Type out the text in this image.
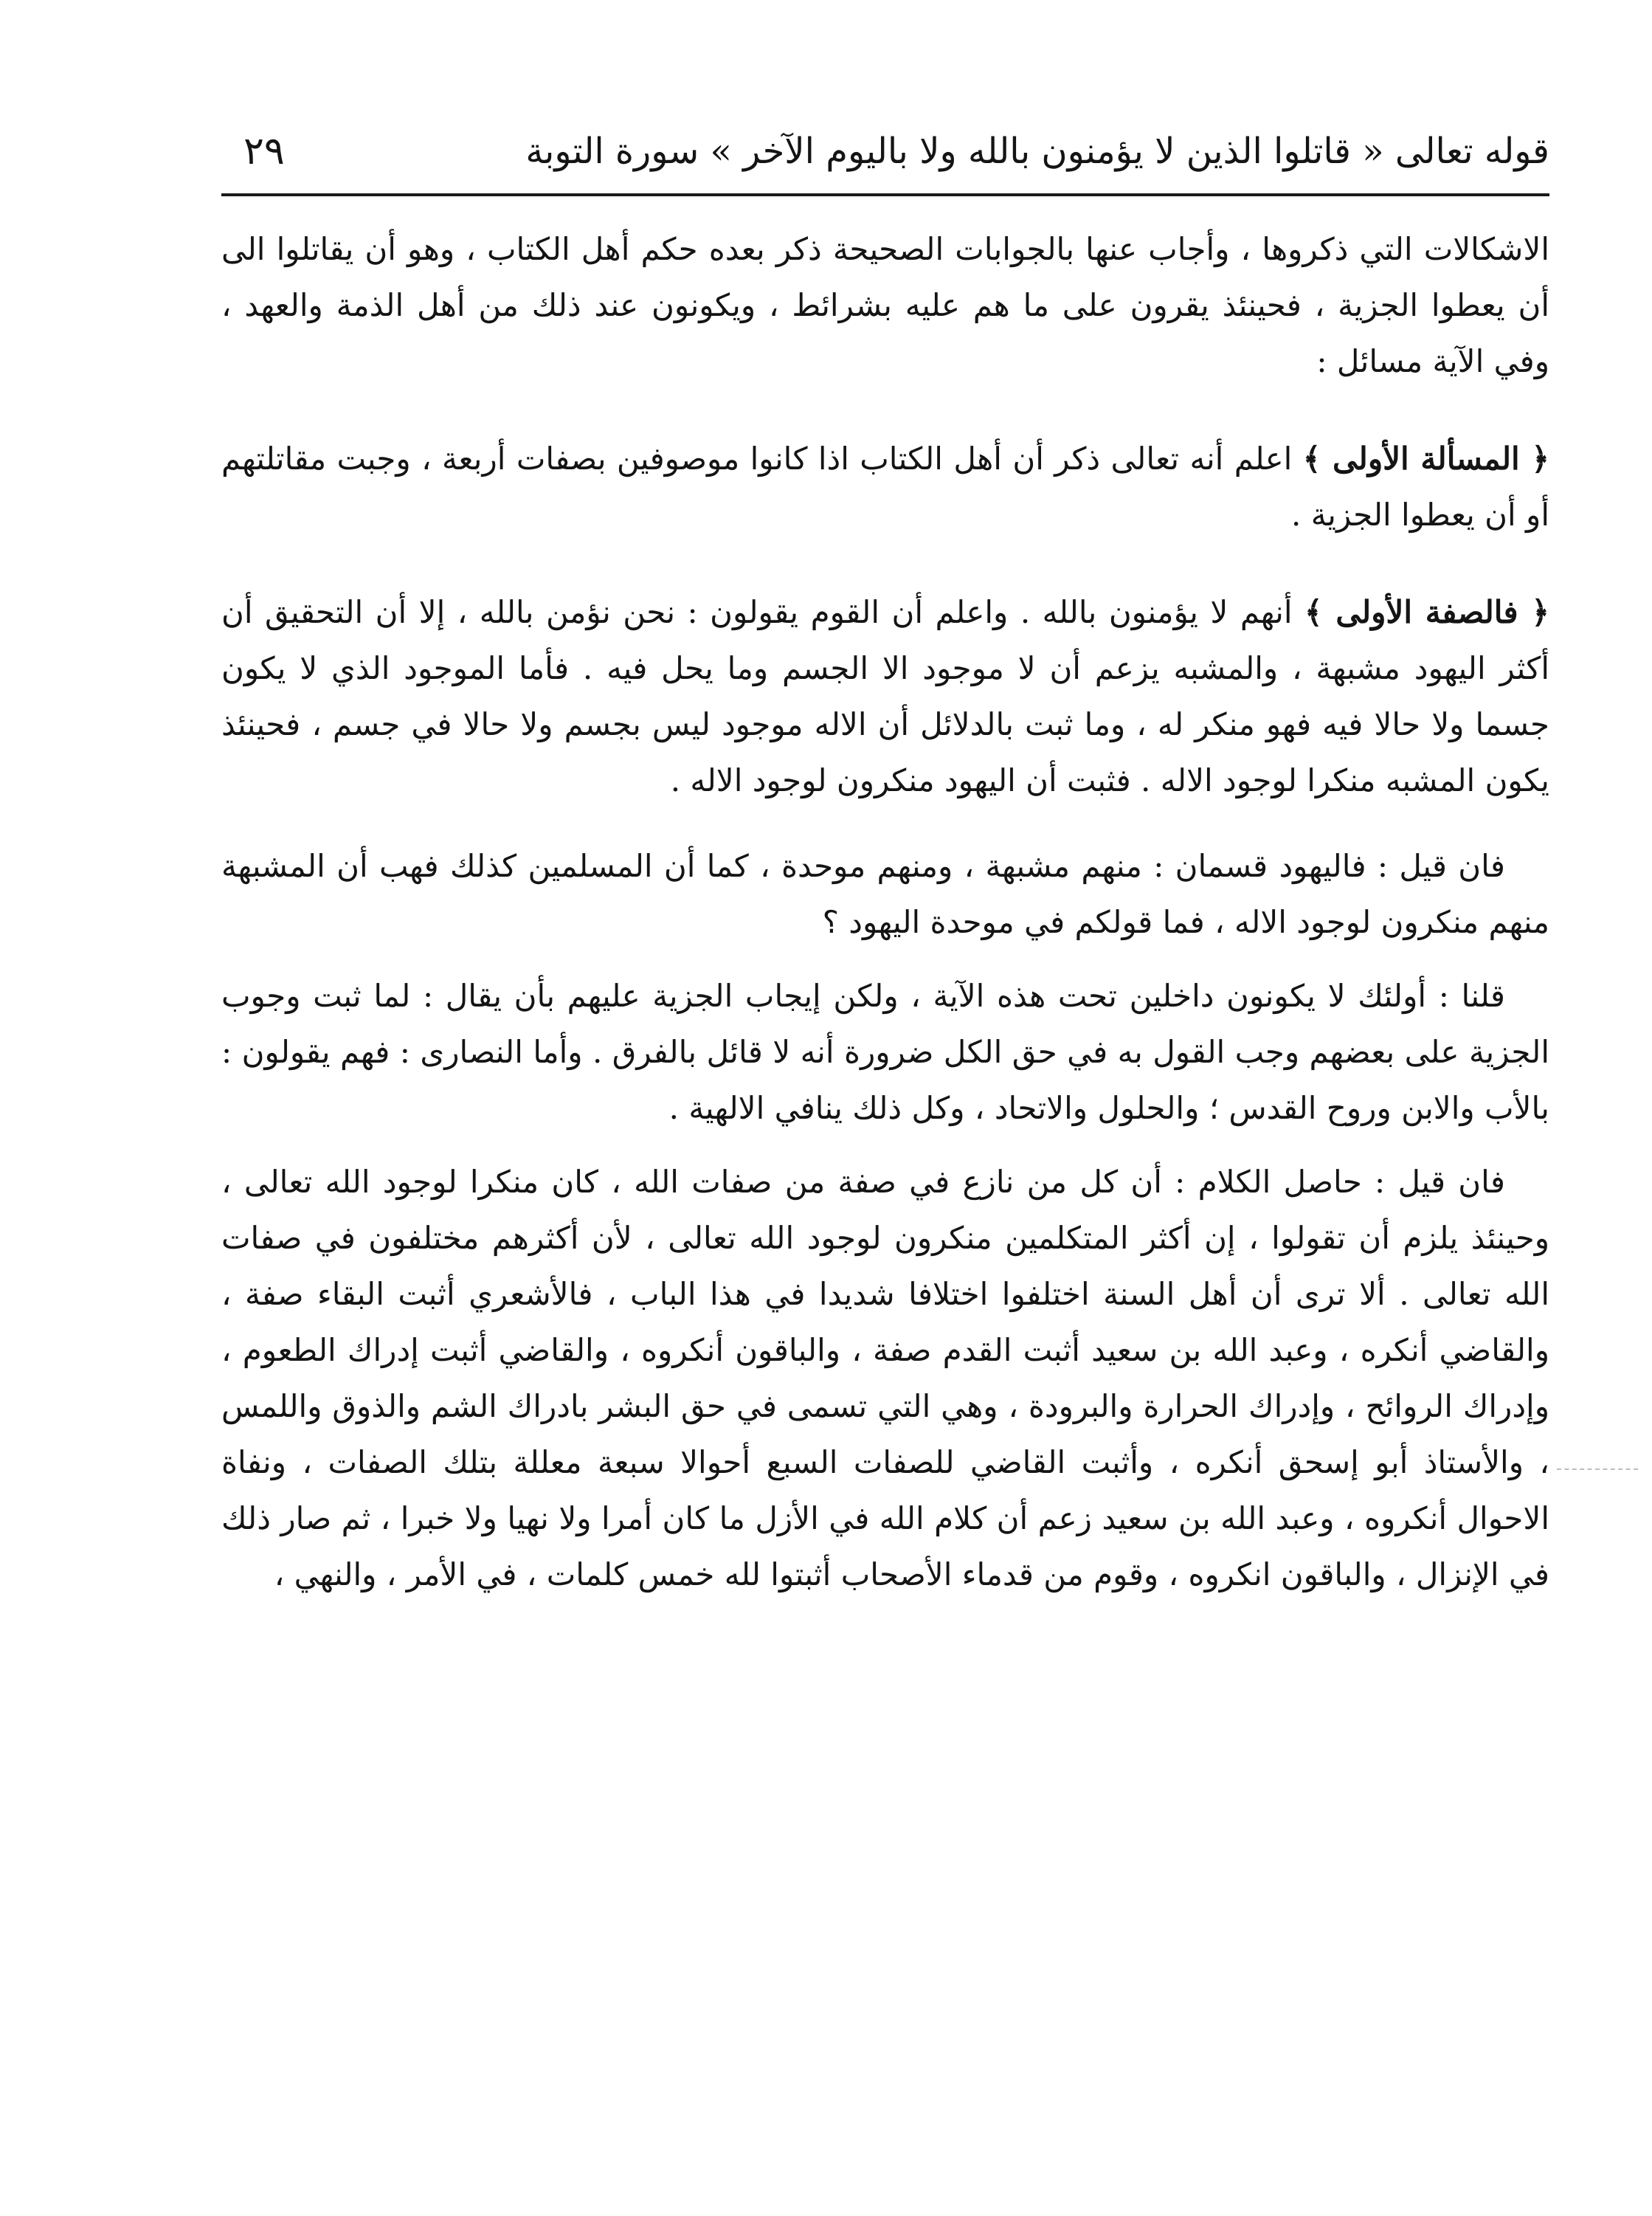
٢٩	قوله تعالى « قاتلوا الذين لا يؤمنون بالله ولا باليوم الآخر » سورة التوبة

الاشكالات التي ذكروها ، وأجاب عنها بالجوابات الصحيحة ذكر بعده حكم أهل الكتاب ، وهو أن يقاتلوا الى أن يعطوا الجزية ، فحينئذ يقرون على ما هم عليه بشرائط ، ويكونون عند ذلك من أهل الذمة والعهد ، وفي الآية مسائل :

﴿ المسألة الأولى ﴾ اعلم أنه تعالى ذكر أن أهل الكتاب اذا كانوا موصوفين بصفات أربعة ، وجبت مقاتلتهم أو أن يعطوا الجزية .

﴿ فالصفة الأولى ﴾ أنهم لا يؤمنون بالله . واعلم أن القوم يقولون : نحن نؤمن بالله ، إلا أن التحقيق أن أكثر اليهود مشبهة ، والمشبه يزعم أن لا موجود الا الجسم وما يحل فيه . فأما الموجود الذي لا يكون جسما ولا حالا فيه فهو منكر له ، وما ثبت بالدلائل أن الاله موجود ليس بجسم ولا حالا في جسم ، فحينئذ يكون المشبه منكرا لوجود الاله . فثبت أن اليهود منكرون لوجود الاله .

فان قيل : فاليهود قسمان : منهم مشبهة ، ومنهم موحدة ، كما أن المسلمين كذلك فهب أن المشبهة منهم منكرون لوجود الاله ، فما قولكم في موحدة اليهود ؟

قلنا : أولئك لا يكونون داخلين تحت هذه الآية ، ولكن إيجاب الجزية عليهم بأن يقال : لما ثبت وجوب الجزية على بعضهم وجب القول به في حق الكل ضرورة أنه لا قائل بالفرق . وأما النصارى : فهم يقولون : بالأب والابن وروح القدس ؛ والحلول والاتحاد ، وكل ذلك ينافي الالهية .

فان قيل : حاصل الكلام : أن كل من نازع في صفة من صفات الله ، كان منكرا لوجود الله تعالى ، وحينئذ يلزم أن تقولوا ، إن أكثر المتكلمين منكرون لوجود الله تعالى ، لأن أكثرهم مختلفون في صفات الله تعالى . ألا ترى أن أهل السنة اختلفوا اختلافا شديدا في هذا الباب ، فالأشعري أثبت البقاء صفة ، والقاضي أنكره ، وعبد الله بن سعيد أثبت القدم صفة ، والباقون أنكروه ، والقاضي أثبت إدراك الطعوم ، وإدراك الروائح ، وإدراك الحرارة والبرودة ، وهي التي تسمى في حق البشر بادراك الشم والذوق واللمس ، والأستاذ أبو إسحق أنكره ، وأثبت القاضي للصفات السبع أحوالا سبعة معللة بتلك الصفات ، ونفاة الاحوال أنكروه ، وعبد الله بن سعيد زعم أن كلام الله في الأزل ما كان أمرا ولا نهيا ولا خبرا ، ثم صار ذلك في الإنزال ، والباقون انكروه ، وقوم من قدماء الأصحاب أثبتوا لله خمس كلمات ، في الأمر ، والنهي ،
